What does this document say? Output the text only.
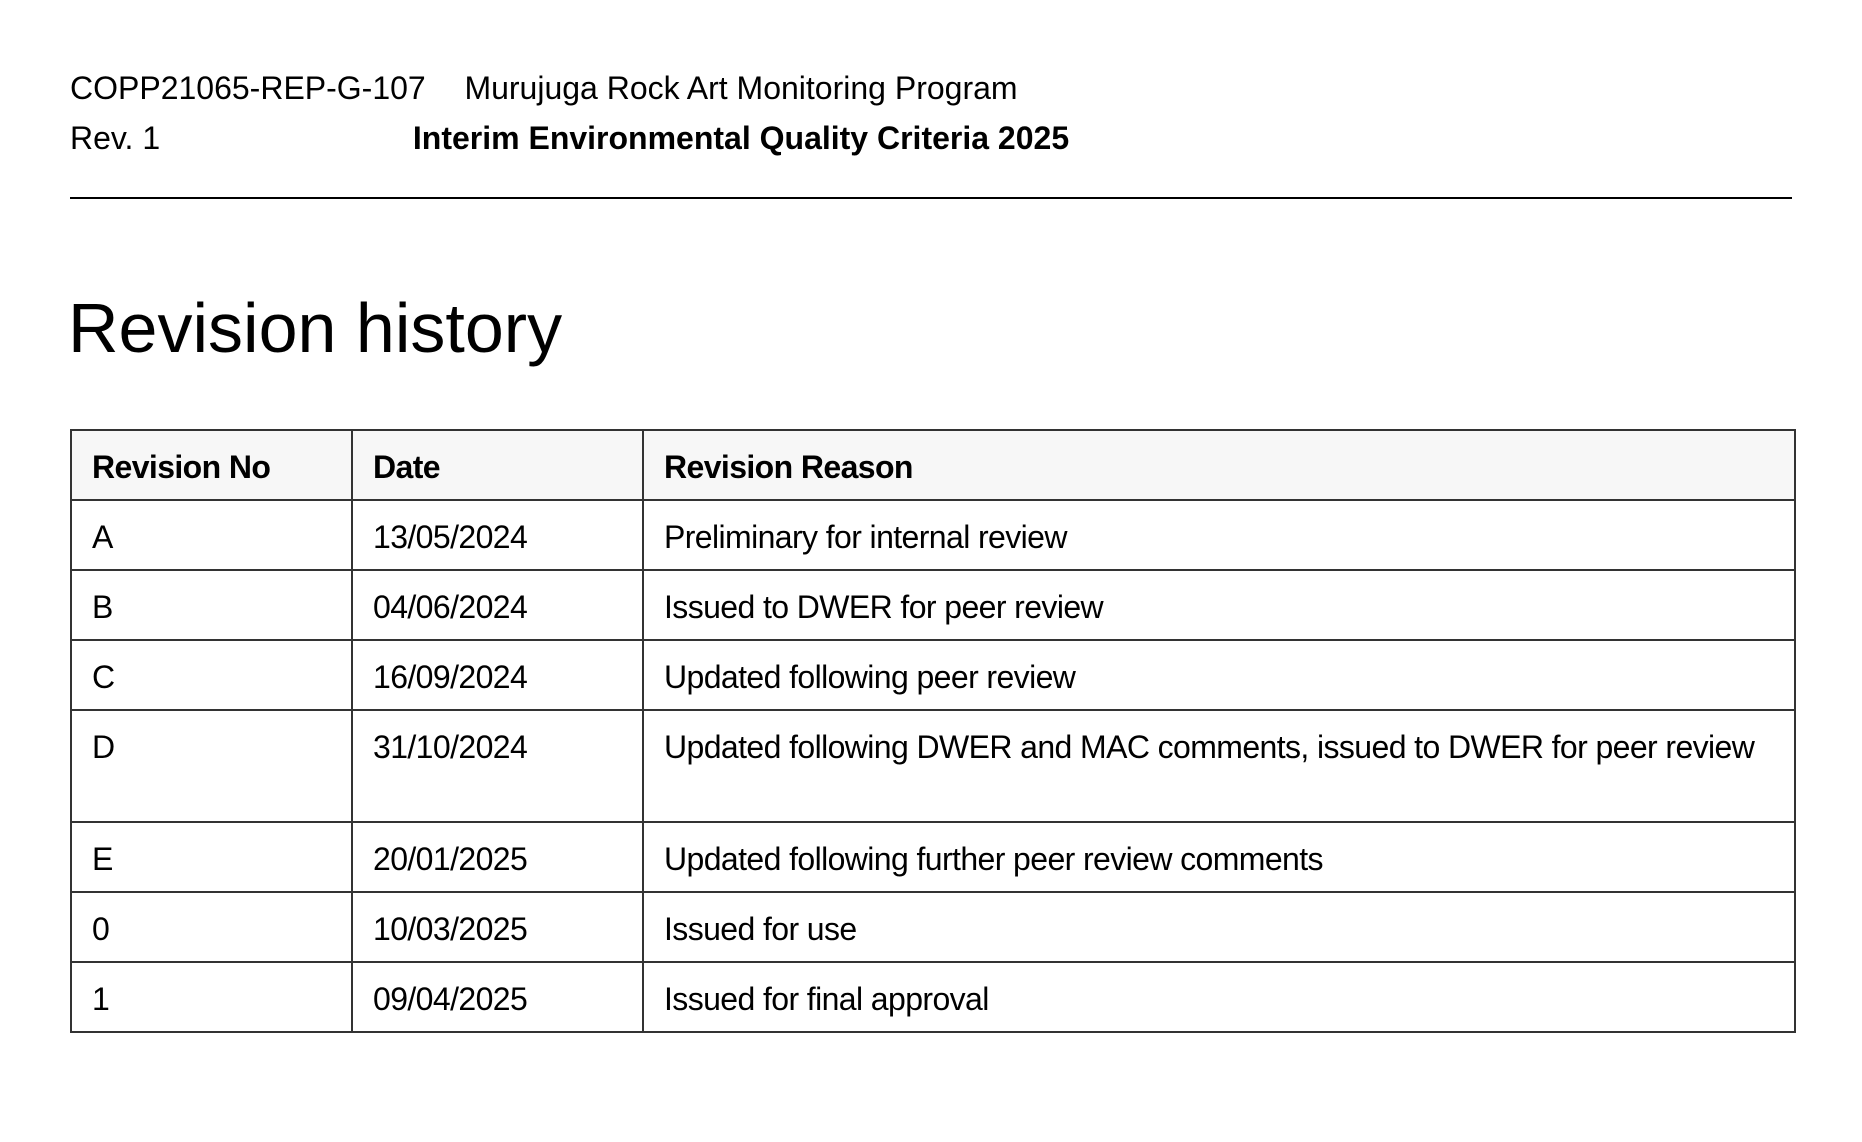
COPP21065-REP-G-107
Rev. 1
Murujuga Rock Art Monitoring Program
Interim Environmental Quality Criteria 2025
Revision history
Revision No	Date	Revision Reason
A	13/05/2024	Preliminary for internal review
B	04/06/2024	Issued to DWER for peer review
C	16/09/2024	Updated following peer review
D	31/10/2024	Updated following DWER and MAC comments, issued to DWER for peer review
E	20/01/2025	Updated following further peer review comments
0	10/03/2025	Issued for use
1	09/04/2025	Issued for final approval
